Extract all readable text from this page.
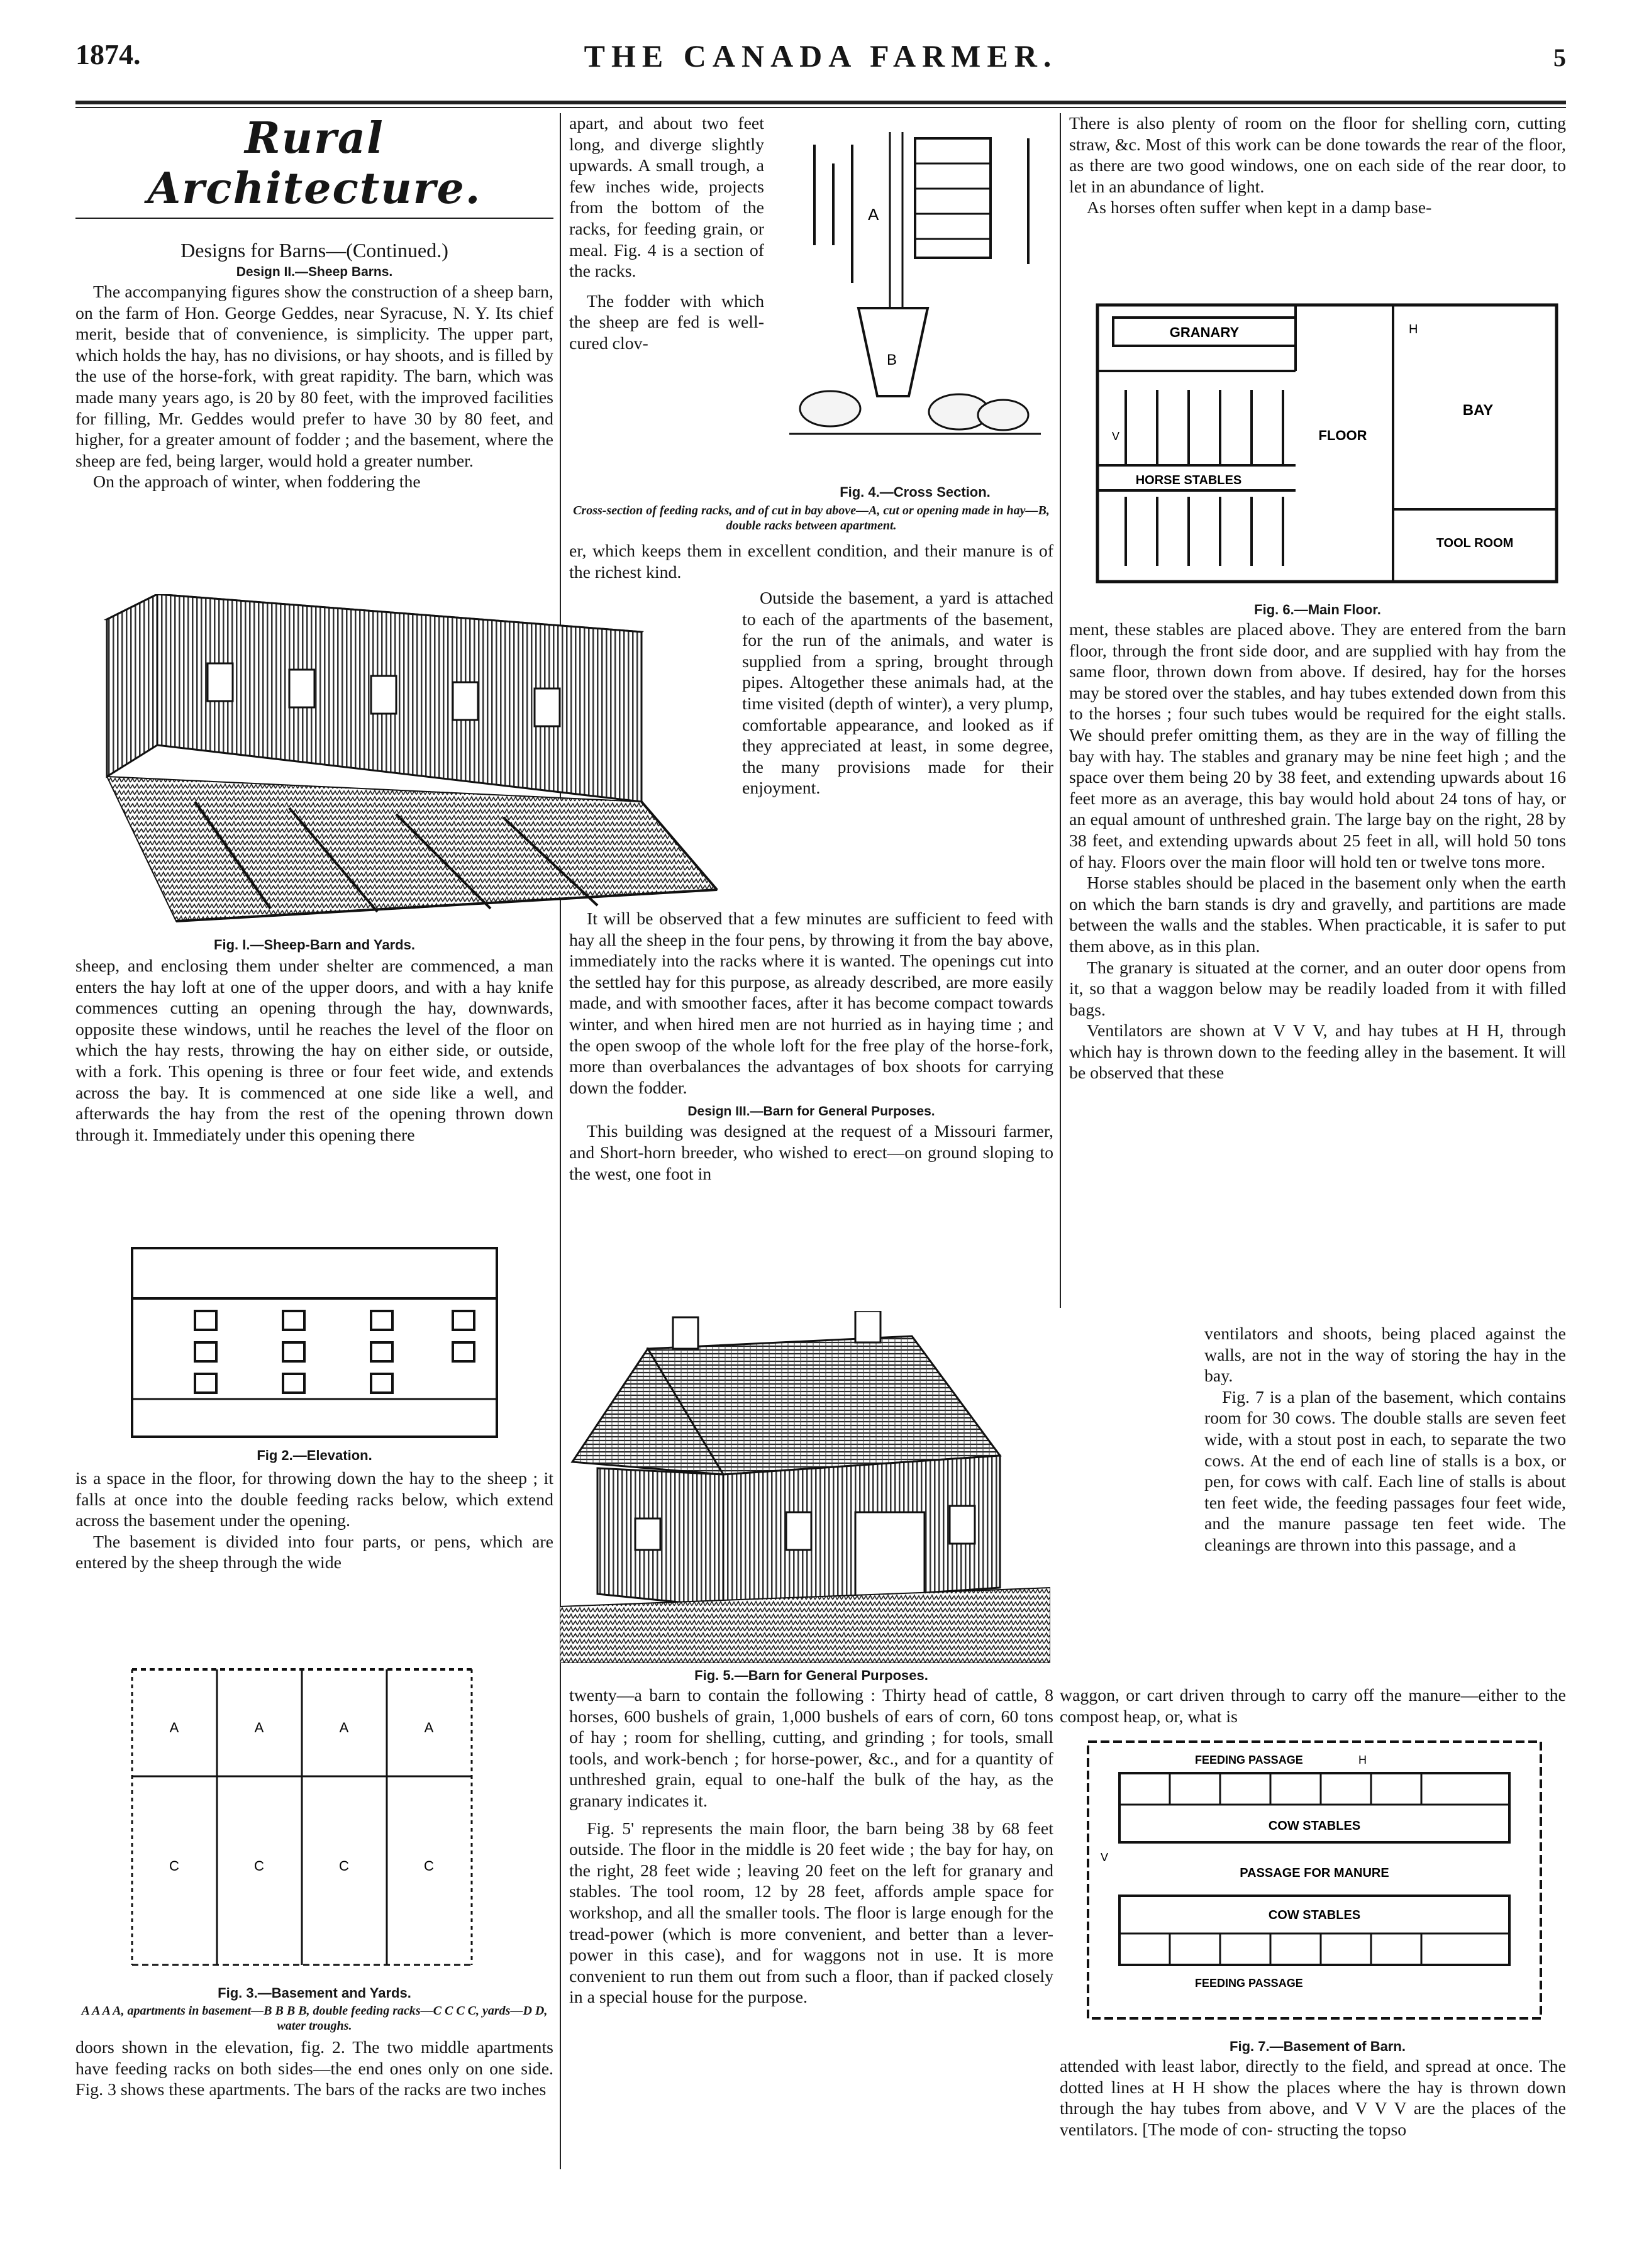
1874.	THE CANADA FARMER.	5
Rural Architecture.
Designs for Barns—(Continued.)
Design II.—Sheep Barns.

The accompanying figures show the construction of a sheep barn, on the farm of Hon. George Geddes, near Syracuse, N. Y. Its chief merit, beside that of convenience, is simplicity. The upper part, which holds the hay, has no divisions, or hay shoots, and is filled by the use of the horse-fork, with great rapidity. The barn, which was made many years ago, is 20 by 80 feet, with the improved facilities for filling, Mr. Geddes would prefer to have 30 by 80 feet, and higher, for a greater amount of fodder ; and the basement, where the sheep are fed, being larger, would hold a greater number.

On the approach of winter, when foddering the

Fig. I.—Sheep-Barn and Yards.

sheep, and enclosing them under shelter are commenced, a man enters the hay loft at one of the upper doors, and with a hay knife commences cutting an opening through the hay, downwards, opposite these windows, until he reaches the level of the floor on which the hay rests, throwing the hay on either side, or outside, with a fork. This opening is three or four feet wide, and extends across the bay. It is commenced at one side like a well, and afterwards the hay from the rest of the opening thrown down through it. Immediately under this opening there

Fig 2.—Elevation.

is a space in the floor, for throwing down the hay to the sheep ; it falls at once into the double feeding racks below, which extend across the basement under the opening.

The basement is divided into four parts, or pens, which are entered by the sheep through the wide

A	A	A	A
C	C	C	C
Fig. 3.—Basement and Yards.
A A A A, apartments in basement—B B B B, double feeding racks—C C C C, yards—D D, water troughs.

doors shown in the elevation, fig. 2. The two middle apartments have feeding racks on both sides—the end ones only on one side. Fig. 3 shows these apartments. The bars of the racks are two inches

apart, and about two feet long, and diverge slightly upwards. A small trough, a few inches wide, projects from the bottom of the racks, for feeding grain, or meal. Fig. 4 is a section of the racks.

The fodder with which the sheep are fed is well-cured clov-

A
B
Fig. 4.—Cross Section.
Cross-section of feeding racks, and of cut in bay above—A, cut or opening made in hay—B, double racks between apartment.

er, which keeps them in excellent condition, and their manure is of the richest kind.

Outside the basement, a yard is attached to each of the apartments of the basement, for the run of the animals, and water is supplied from a spring, brought through pipes. Altogether these animals had, at the time visited (depth of winter), a very plump, comfortable appearance, and looked as if they appreciated at least, in some degree, the many provisions made for their enjoyment.

It will be observed that a few minutes are sufficient to feed with hay all the sheep in the four pens, by throwing it from the bay above, immediately into the racks where it is wanted. The openings cut into the settled hay for this purpose, as already described, are more easily made, and with smoother faces, after it has become compact towards winter, and when hired men are not hurried as in haying time ; and the open swoop of the whole loft for the free play of the horse-fork, more than overbalances the advantages of box shoots for carrying down the fodder.

Design III.—Barn for General Purposes.

This building was designed at the request of a Missouri farmer, and Short-horn breeder, who wished to erect—on ground sloping to the west, one foot in

Fig. 5.—Barn for General Purposes.

twenty—a barn to contain the following : Thirty head of cattle, 8 horses, 600 bushels of grain, 1,000 bushels of ears of corn, 60 tons of hay ; room for shelling, cutting, and grinding ; for tools, small tools, and work-bench ; for horse-power, &c., and for a quantity of unthreshed grain, equal to one-half the bulk of the hay, as the granary indicates it.

Fig. 5' represents the main floor, the barn being 38 by 68 feet outside. The floor in the middle is 20 feet wide ; the bay for hay, on the right, 28 feet wide ; leaving 20 feet on the left for granary and stables. The tool room, 12 by 28 feet, affords ample space for workshop, and all the smaller tools. The floor is large enough for the tread-power (which is more convenient, and better than a lever-power in this case), and for waggons not in use. It is more convenient to run them out from such a floor, than if packed closely in a special house for the purpose.

There is also plenty of room on the floor for shelling corn, cutting straw, &c. Most of this work can be done towards the rear of the floor, as there are two good windows, one on each side of the rear door, to let in an abundance of light.

As horses often suffer when kept in a damp base-

GRANARY	H
V
HORSE STABLES
FLOOR
BAY
TOOL ROOM
Fig. 6.—Main Floor.

ment, these stables are placed above. They are entered from the barn floor, through the front side door, and are supplied with hay from the same floor, thrown down from above. If desired, hay for the horses may be stored over the stables, and hay tubes extended down from this to the horses ; four such tubes would be required for the eight stalls. We should prefer omitting them, as they are in the way of filling the bay with hay. The stables and granary may be nine feet high ; and the space over them being 20 by 38 feet, and extending upwards about 16 feet more as an average, this bay would hold about 24 tons of hay, or an equal amount of unthreshed grain. The large bay on the right, 28 by 38 feet, and extending upwards about 25 feet in all, will hold 50 tons of hay. Floors over the main floor will hold ten or twelve tons more.

Horse stables should be placed in the basement only when the earth on which the barn stands is dry and gravelly, and partitions are made between the walls and the stables. When practicable, it is safer to put them above, as in this plan.

The granary is situated at the corner, and an outer door opens from it, so that a waggon below may be readily loaded from it with filled bags.

Ventilators are shown at V V V, and hay tubes at H H, through which hay is thrown down to the feeding alley in the basement. It will be observed that these

ventilators and shoots, being placed against the walls, are not in the way of storing the hay in the bay.

Fig. 7 is a plan of the basement, which contains room for 30 cows. The double stalls are seven feet wide, with a stout post in each, to separate the two cows. At the end of each line of stalls is a box, or pen, for cows with calf. Each line of stalls is about ten feet wide, the feeding passages four feet wide, and the manure passage ten feet wide. The cleanings are thrown into this passage, and a

waggon, or cart driven through to carry off the manure—either to the compost heap, or, what is

FEEDING PASSAGE	H
COW STABLES
V
PASSAGE FOR MANURE
COW STABLES
FEEDING PASSAGE
Fig. 7.—Basement of Barn.

attended with least labor, directly to the field, and spread at once. The dotted lines at H H show the places where the hay is thrown down through the hay tubes from above, and V V V are the places of the ventilators. [The mode of con- structing the topso
